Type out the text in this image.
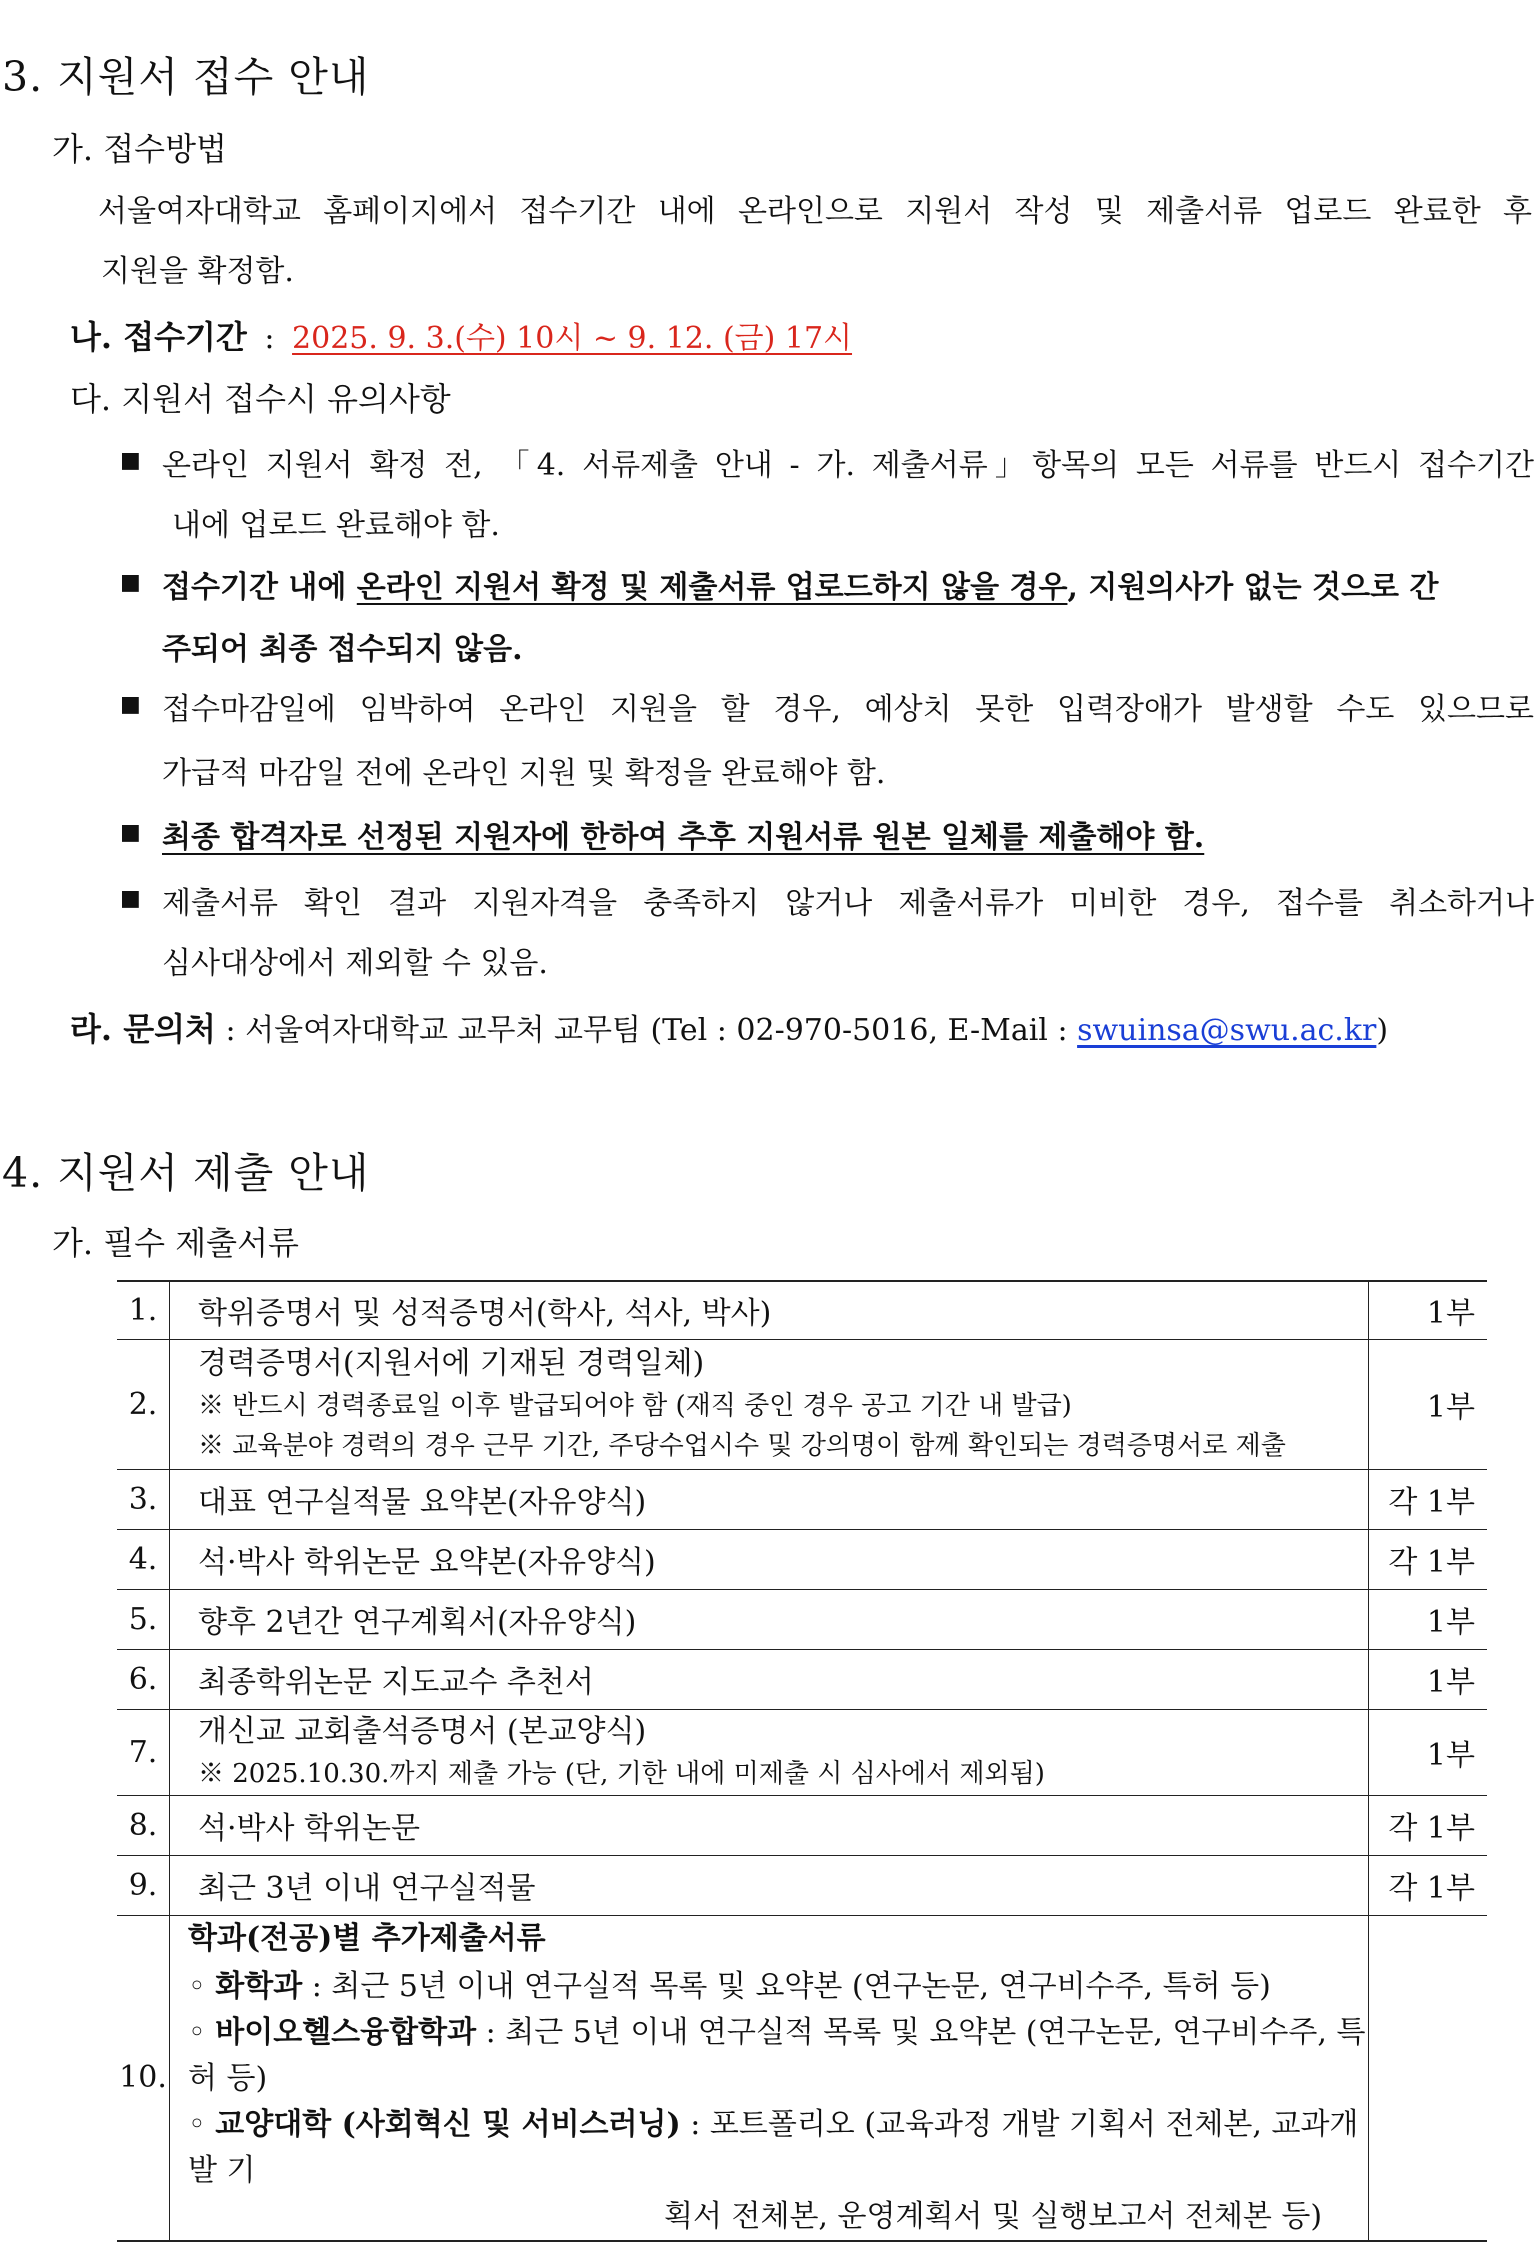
3. 지원서 접수 안내
가. 접수방법
서울여자대학교 홈페이지에서 접수기간 내에 온라인으로 지원서 작성 및 제출서류 업로드 완료한 후
지원을 확정함.
나. 접수기간 : 2025. 9. 3.(수) 10시 ~ 9. 12. (금) 17시
다. 지원서 접수시 유의사항
■ 온라인 지원서 확정 전, 「4. 서류제출 안내 - 가. 제출서류」항목의 모든 서류를 반드시 접수기간
내에 업로드 완료해야 함.
■ 접수기간 내에 온라인 지원서 확정 및 제출서류 업로드하지 않을 경우, 지원의사가 없는 것으로 간
주되어 최종 접수되지 않음.
■ 접수마감일에 임박하여 온라인 지원을 할 경우, 예상치 못한 입력장애가 발생할 수도 있으므로
가급적 마감일 전에 온라인 지원 및 확정을 완료해야 함.
■ 최종 합격자로 선정된 지원자에 한하여 추후 지원서류 원본 일체를 제출해야 함.
■ 제출서류 확인 결과 지원자격을 충족하지 않거나 제출서류가 미비한 경우, 접수를 취소하거나
심사대상에서 제외할 수 있음.
라. 문의처 : 서울여자대학교 교무처 교무팀 (Tel : 02-970-5016, E-Mail : swuinsa@swu.ac.kr)
4. 지원서 제출 안내
가. 필수 제출서류
1.	학위증명서 및 성적증명서(학사, 석사, 박사)	1부
2.	경력증명서(지원서에 기재된 경력일체)
※ 반드시 경력종료일 이후 발급되어야 함 (재직 중인 경우 공고 기간 내 발급)
※ 교육분야 경력의 경우 근무 기간, 주당수업시수 및 강의명이 함께 확인되는 경력증명서로 제출	1부
3.	대표 연구실적물 요약본(자유양식)	각 1부
4.	석·박사 학위논문 요약본(자유양식)	각 1부
5.	향후 2년간 연구계획서(자유양식)	1부
6.	최종학위논문 지도교수 추천서	1부
7.	개신교 교회출석증명서 (본교양식)
※ 2025.10.30.까지 제출 가능 (단, 기한 내에 미제출 시 심사에서 제외됨)	1부
8.	석·박사 학위논문	각 1부
9.	최근 3년 이내 연구실적물	각 1부
10.	학과(전공)별 추가제출서류
◦ 화학과 : 최근 5년 이내 연구실적 목록 및 요약본 (연구논문, 연구비수주, 특허 등)
◦ 바이오헬스융합학과 : 최근 5년 이내 연구실적 목록 및 요약본 (연구논문, 연구비수주, 특허 등)
◦ 교양대학 (사회혁신 및 서비스러닝) : 포트폴리오 (교육과정 개발 기획서 전체본, 교과개발 기
획서 전체본, 운영계획서 및 실행보고서 전체본 등)	
